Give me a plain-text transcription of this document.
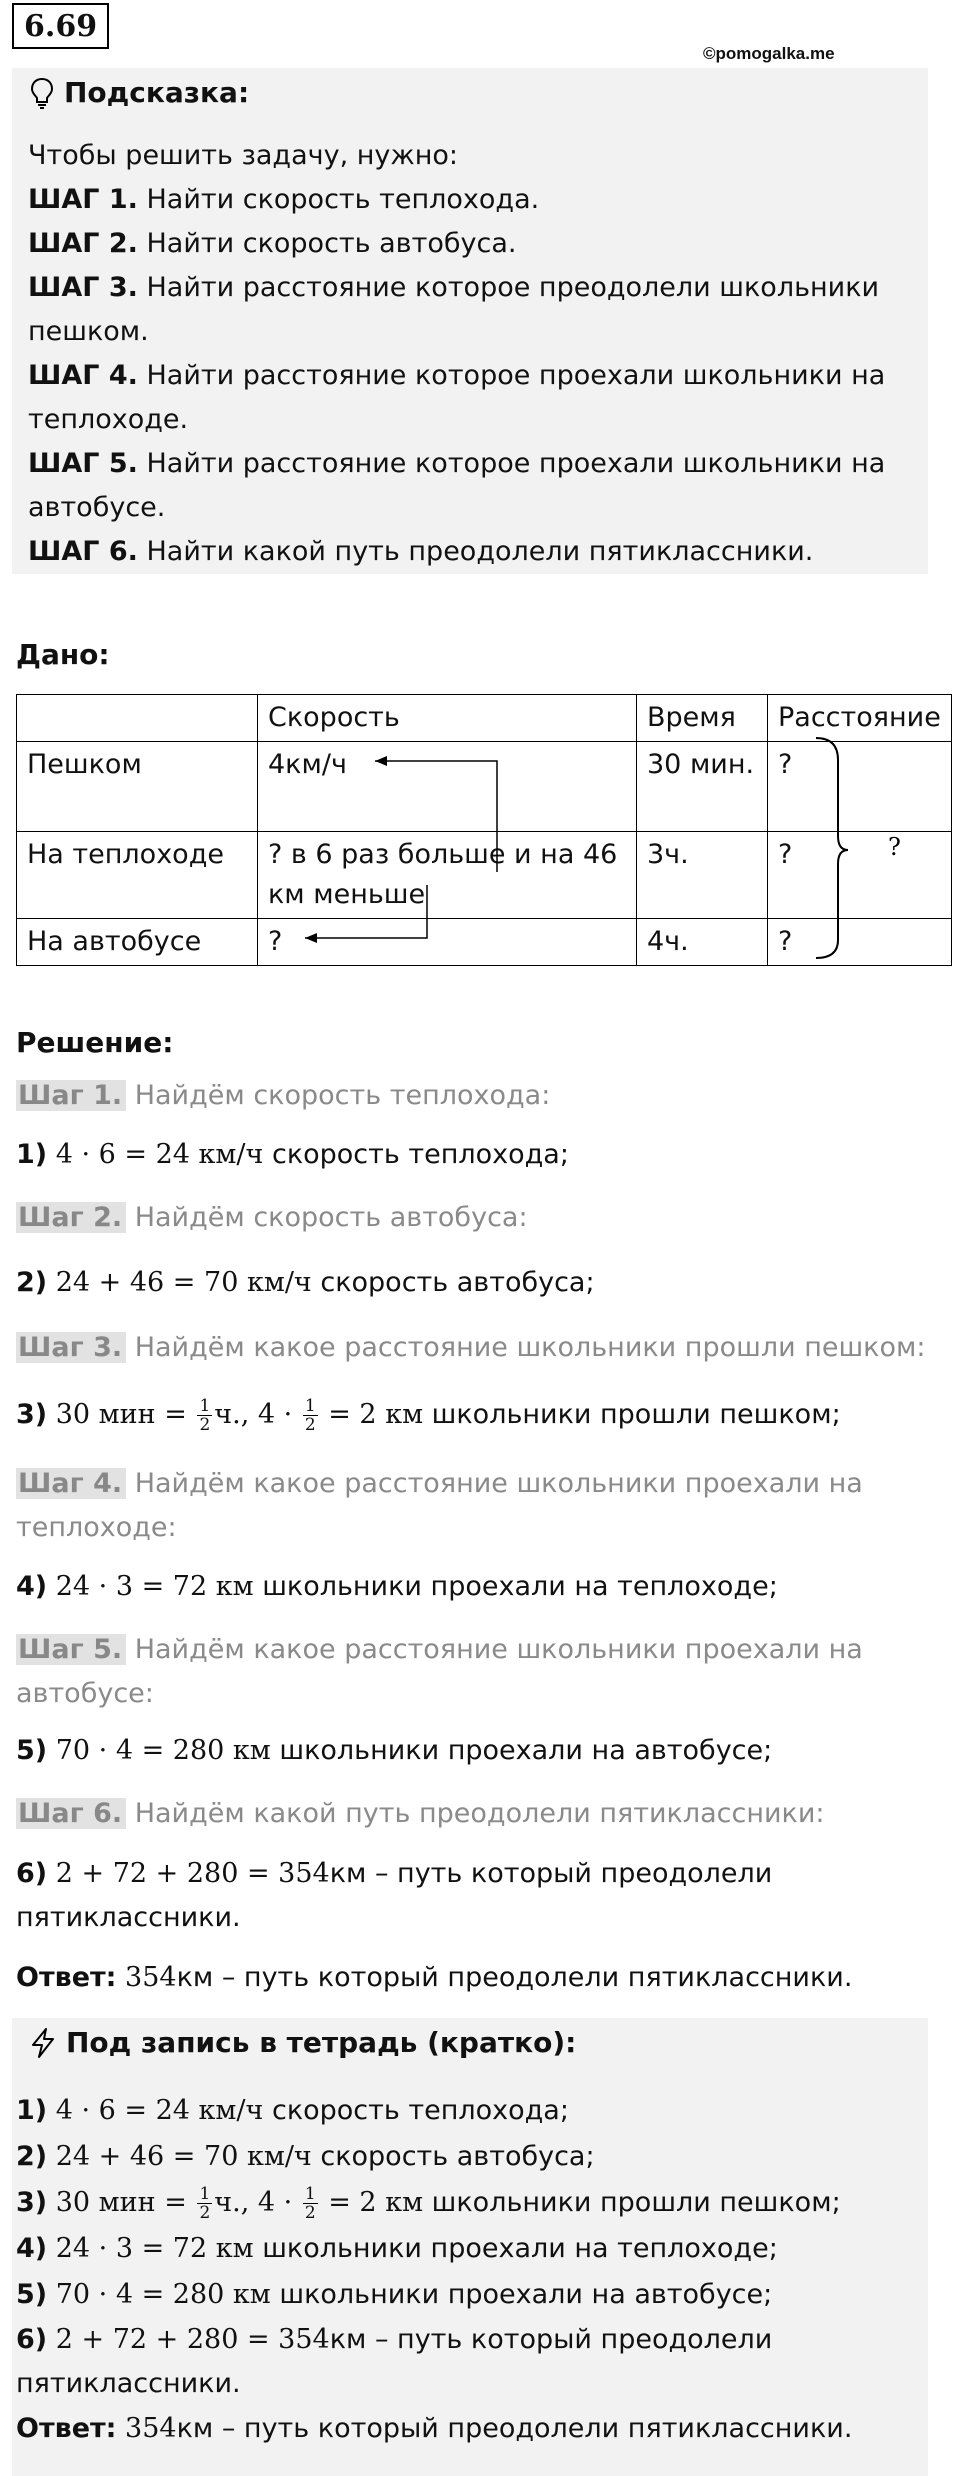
6.69
©pomogalka.me
Подсказка:
Чтобы решить задачу, нужно:
ШАГ 1. Найти скорость теплохода.
ШАГ 2. Найти скорость автобуса.
ШАГ 3. Найти расстояние которое преодолели школьники пешком.
ШАГ 4. Найти расстояние которое проехали школьники на теплоходе.
ШАГ 5. Найти расстояние которое проехали школьники на автобусе.
ШАГ 6. Найти какой путь преодолели пятиклассники.
Дано:
	Скорость	Время	Расстояние
Пешком	4км/ч	30 мин.	?
На теплоходе	? в 6 раз больше и на 46 км меньше	3ч.	?
На автобусе	?	4ч.	?
?
Решение:
Шаг 1. Найдём скорость теплохода:
1) 4 · 6 = 24 км/ч скорость теплохода;
Шаг 2. Найдём скорость автобуса:
2) 24 + 46 = 70 км/ч скорость автобуса;
Шаг 3. Найдём какое расстояние школьники прошли пешком:
3) 30 мин = $\frac{1}{2} ч$., $4 \cdot \frac{1}{2} = 2$ км школьники прошли пешком;
Шаг 4. Найдём какое расстояние школьники проехали на теплоходе:
4) 24 · 3 = 72 км школьники проехали на теплоходе;
Шаг 5. Найдём какое расстояние школьники проехали на автобусе:
5) 70 · 4 = 280 км школьники проехали на автобусе;
Шаг 6. Найдём какой путь преодолели пятиклассники:
6) 2 + 72 + 280 = 354км – путь который преодолели пятиклассники.
Ответ: 354км – путь который преодолели пятиклассники.
Под запись в тетрадь (кратко):
1) 4 · 6 = 24 км/ч скорость теплохода;
2) 24 + 46 = 70 км/ч скорость автобуса;
3) 30 мин = $\frac{1}{2} ч$., $4 \cdot \frac{1}{2} = 2$ км школьники прошли пешком;
4) 24 · 3 = 72 км школьники проехали на теплоходе;
5) 70 · 4 = 280 км школьники проехали на автобусе;
6) 2 + 72 + 280 = 354км – путь который преодолели пятиклассники.
Ответ: 354км – путь который преодолели пятиклассники.
